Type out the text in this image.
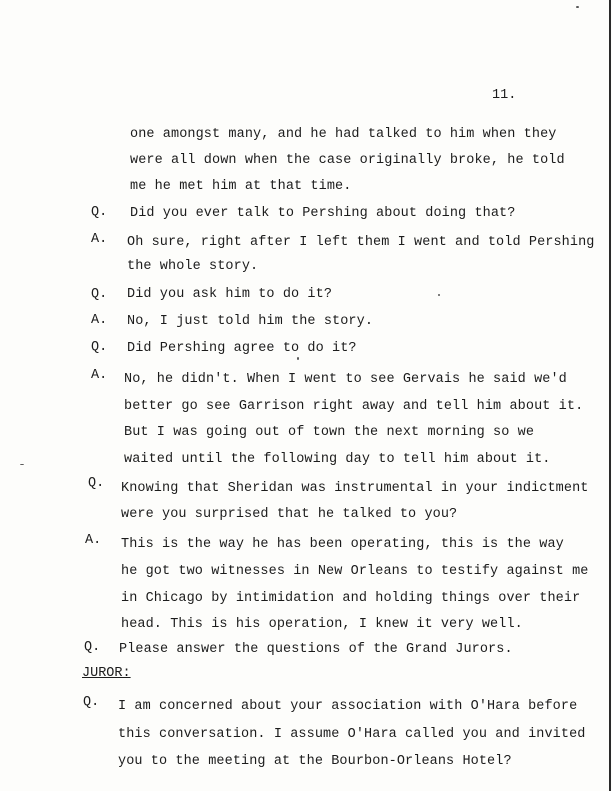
11.
one amongst many, and he had talked to him when they
were all down when the case originally broke, he told
me he met him at that time.
Q. Did you ever talk to Pershing about doing that?
A. Oh sure, right after I left them I went and told Pershing
the whole story.
Q. Did you ask him to do it?
A. No, I just told him the story.
Q. Did Pershing agree to do it?
A. No, he didn't. When I went to see Gervais he said we'd
better go see Garrison right away and tell him about it.
But I was going out of town the next morning so we
waited until the following day to tell him about it.
Q. Knowing that Sheridan was instrumental in your indictment
were you surprised that he talked to you?
A. This is the way he has been operating, this is the way
he got two witnesses in New Orleans to testify against me
in Chicago by intimidation and holding things over their
head. This is his operation, I knew it very well.
Q. Please answer the questions of the Grand Jurors.
JUROR:
Q. I am concerned about your association with O'Hara before
this conversation. I assume O'Hara called you and invited
you to the meeting at the Bourbon-Orleans Hotel?
